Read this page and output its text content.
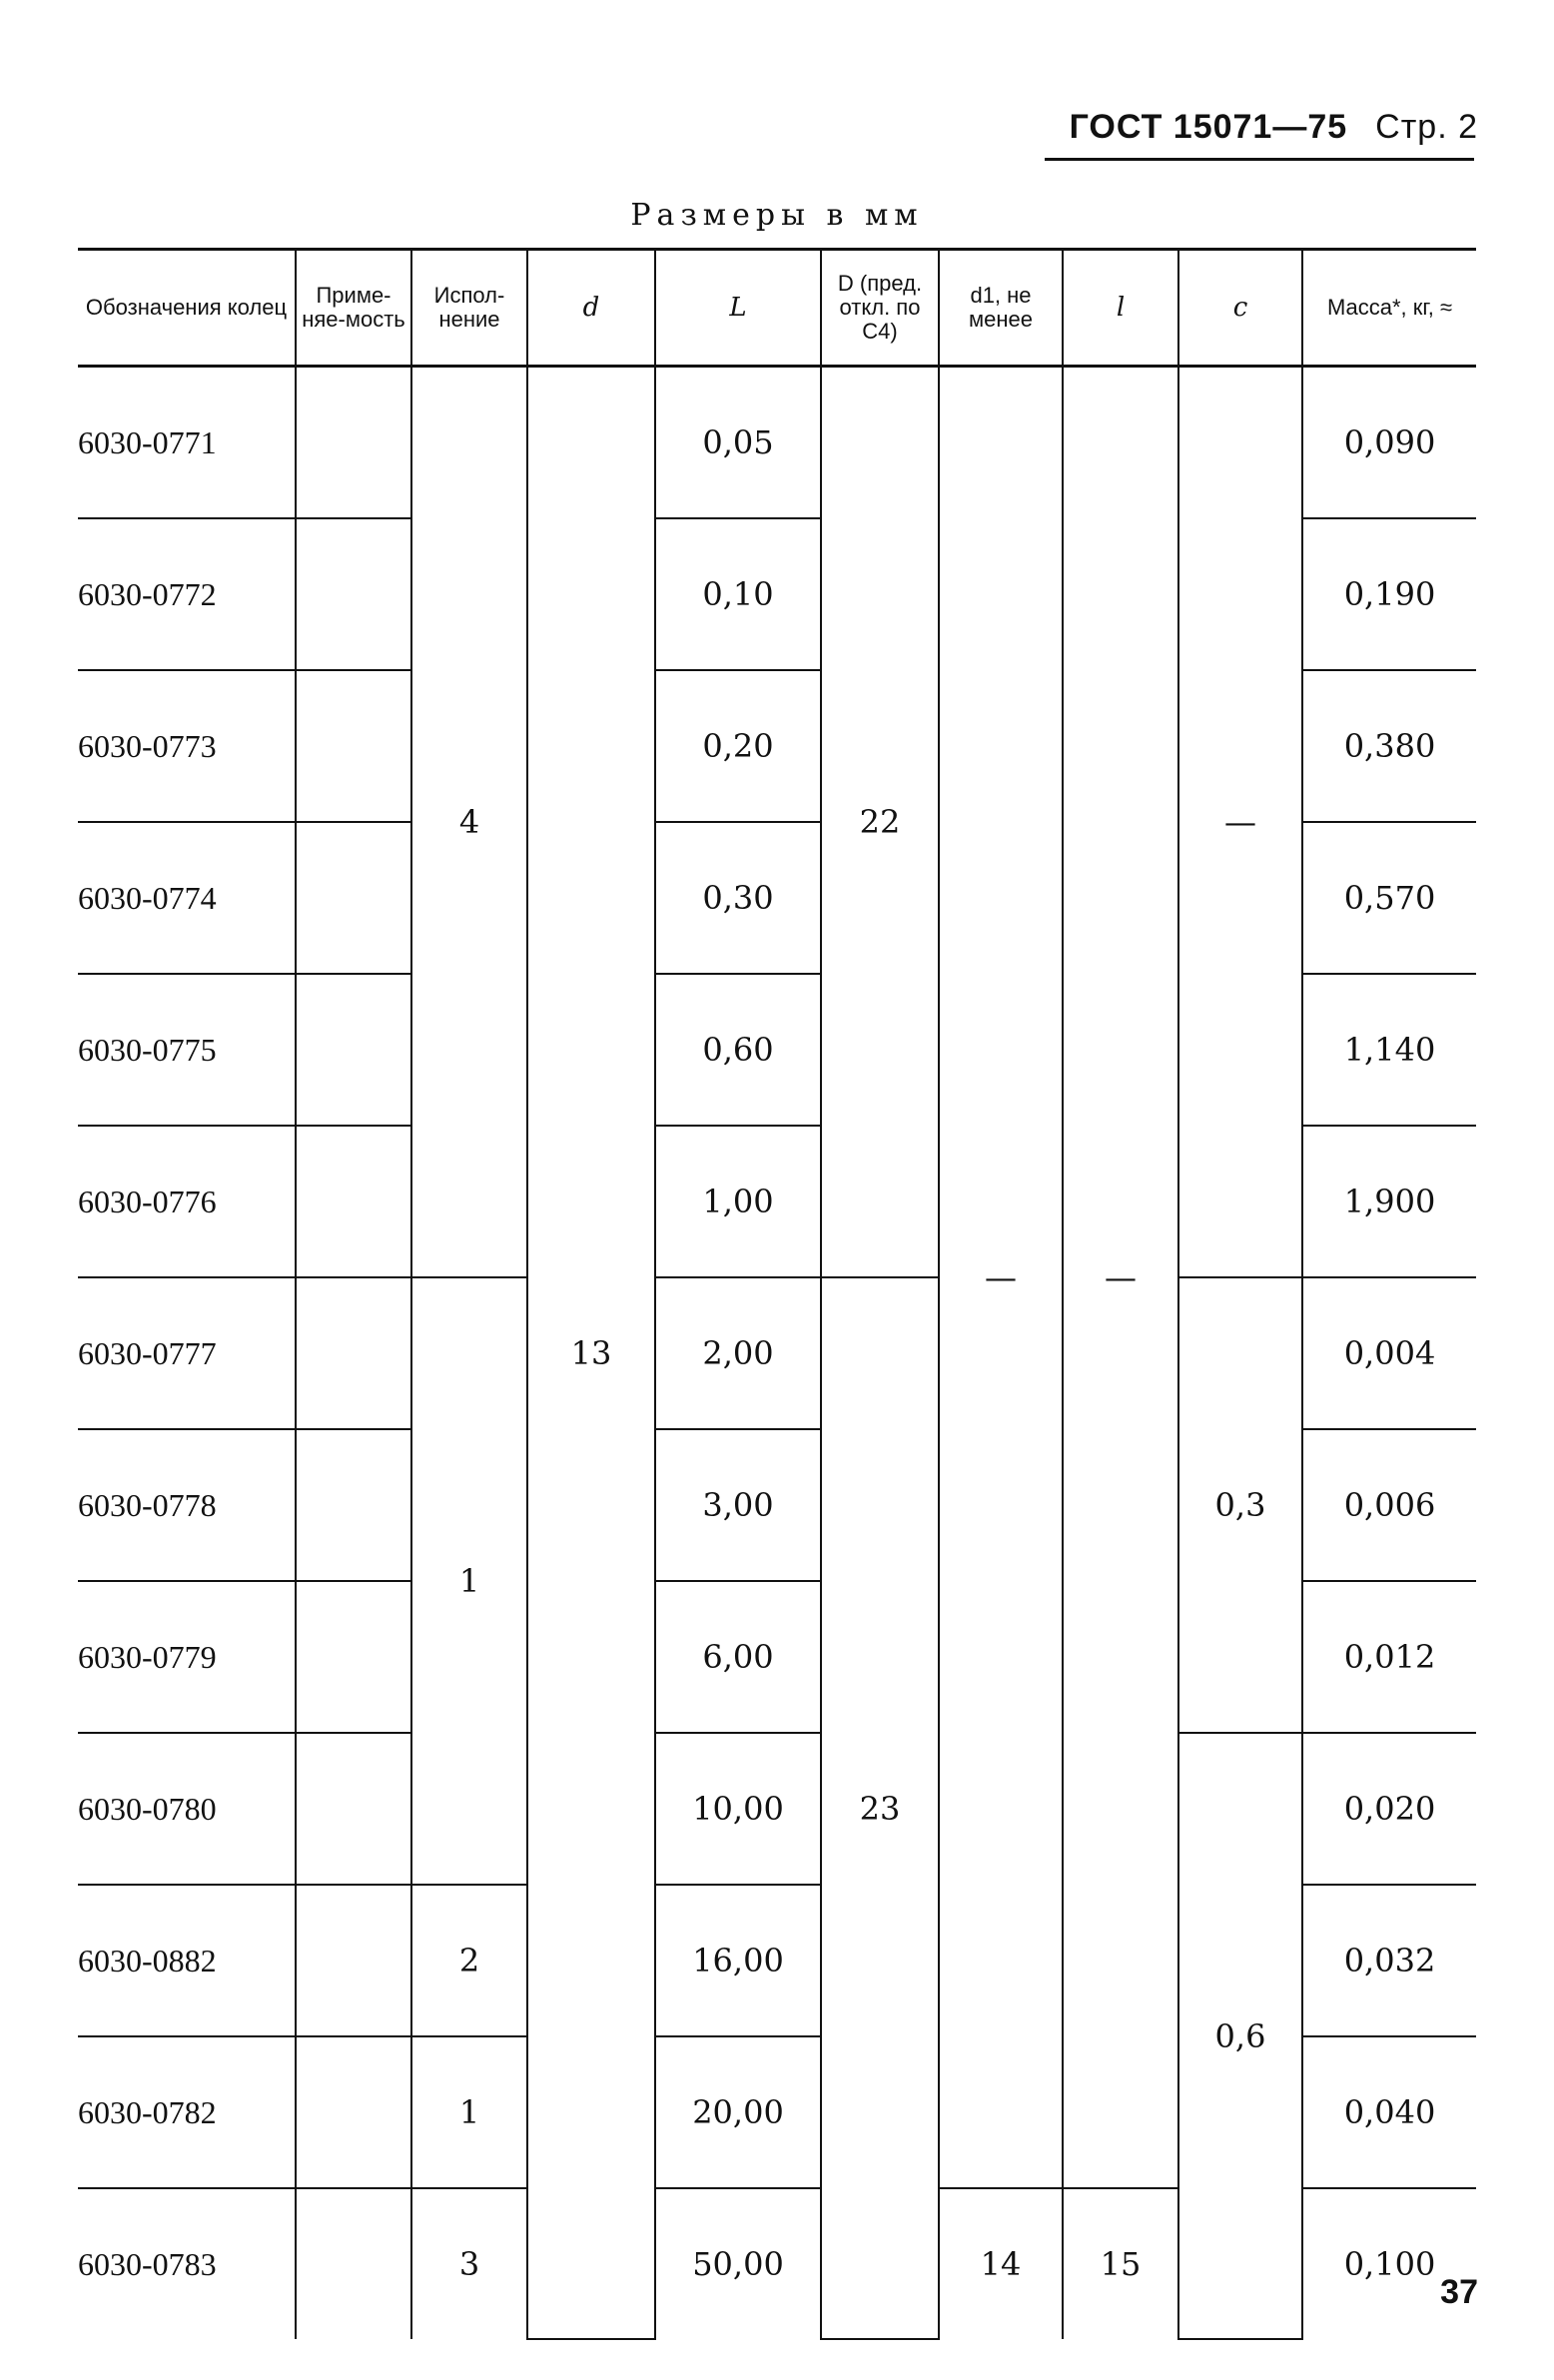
ГОСТ 15071—75 Стр. 2
Размеры в мм
Обозначения колец	Приме-няе-мость	Испол-нение	d	L	D (пред. откл. по C4)	d1, не менее	l	c	Масса*, кг, ≈
6030-0771		4	13	0,05	22	—	—	—	0,090
6030-0772				0,10					0,190
6030-0773				0,20					0,380
6030-0774				0,30					0,570
6030-0775				0,60					1,140
6030-0776				1,00					1,900
6030-0777		1		2,00	23			0,3	0,004
6030-0778				3,00					0,006
6030-0779				6,00					0,012
6030-0780				10,00				0,6	0,020
6030-0882		2		16,00					0,032
6030-0782		1		20,00					0,040
6030-0783		3		50,00		14	15		0,100
37
